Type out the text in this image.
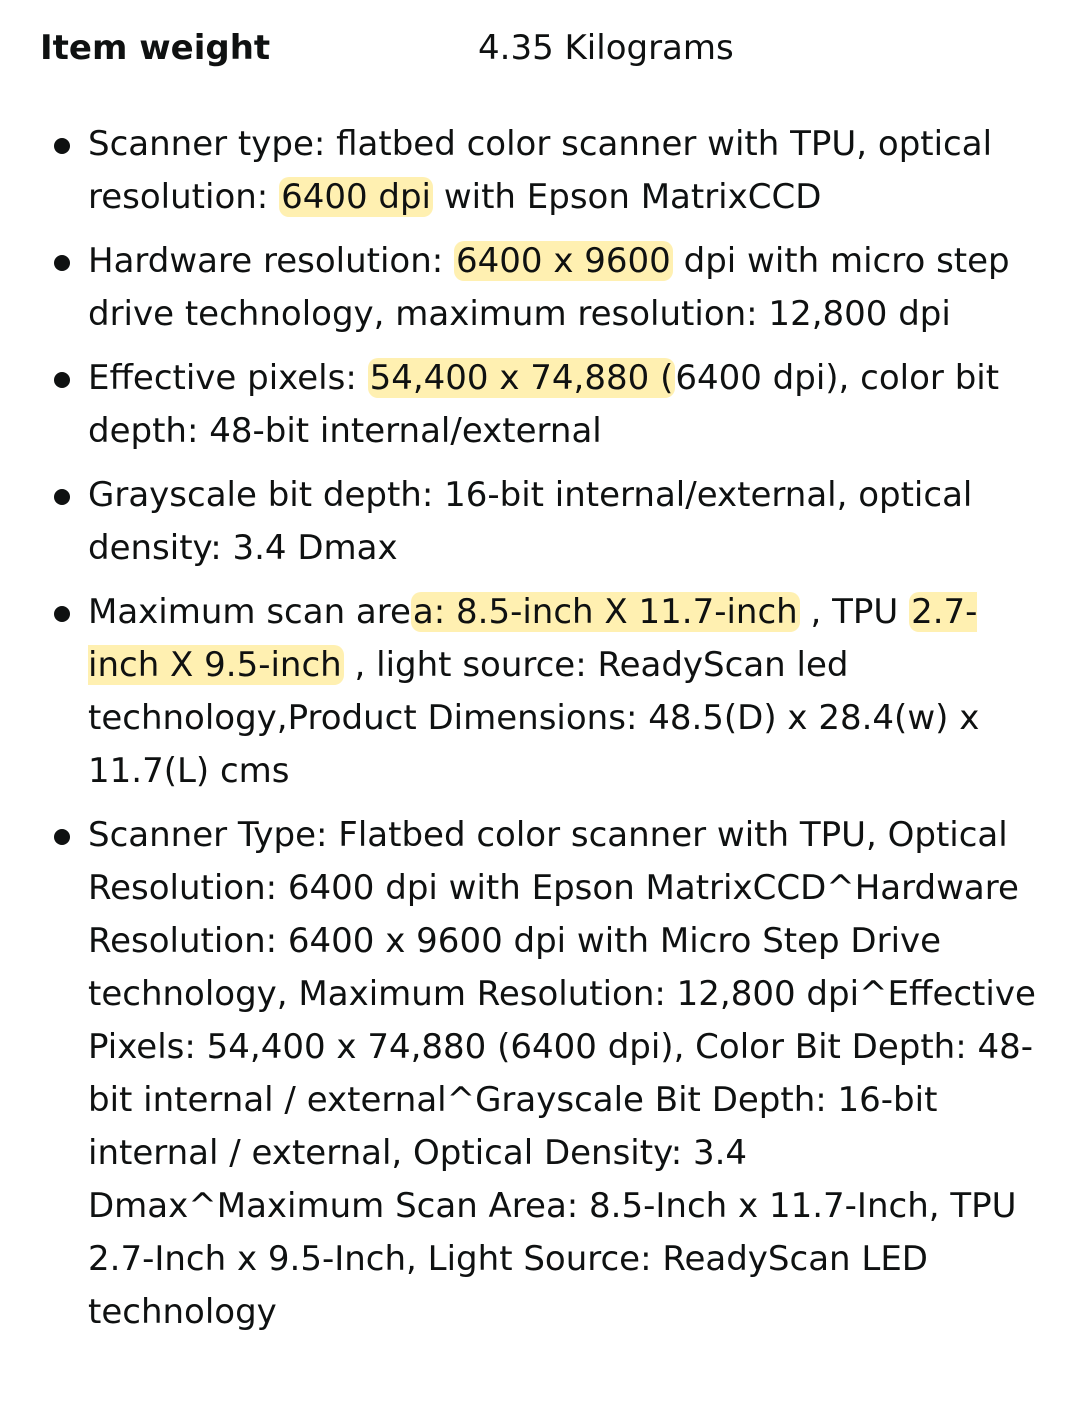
Item weight	4.35 Kilograms
Scanner type: flatbed color scanner with TPU, optical resolution: 6400 dpi with Epson MatrixCCD
Hardware resolution: 6400 x 9600 dpi with micro step drive technology, maximum resolution: 12,800 dpi
Effective pixels: 54,400 x 74,880 (6400 dpi), color bit depth: 48-bit internal/external
Grayscale bit depth: 16-bit internal/external, optical density: 3.4 Dmax
Maximum scan area: 8.5-inch X 11.7-inch , TPU 2.7-inch X 9.5-inch , light source: ReadyScan led technology,Product Dimensions: 48.5(D) x 28.4(w) x 11.7(L) cms
Scanner Type: Flatbed color scanner with TPU, Optical Resolution: 6400 dpi with Epson MatrixCCD^Hardware Resolution: 6400 x 9600 dpi with Micro Step Drive technology, Maximum Resolution: 12,800 dpi^Effective Pixels: 54,400 x 74,880 (6400 dpi), Color Bit Depth: 48-bit internal / external^Grayscale Bit Depth: 16-bit internal / external, Optical Density: 3.4 Dmax^Maximum Scan Area: 8.5-Inch x 11.7-Inch, TPU 2.7-Inch x 9.5-Inch, Light Source: ReadyScan LED technology
